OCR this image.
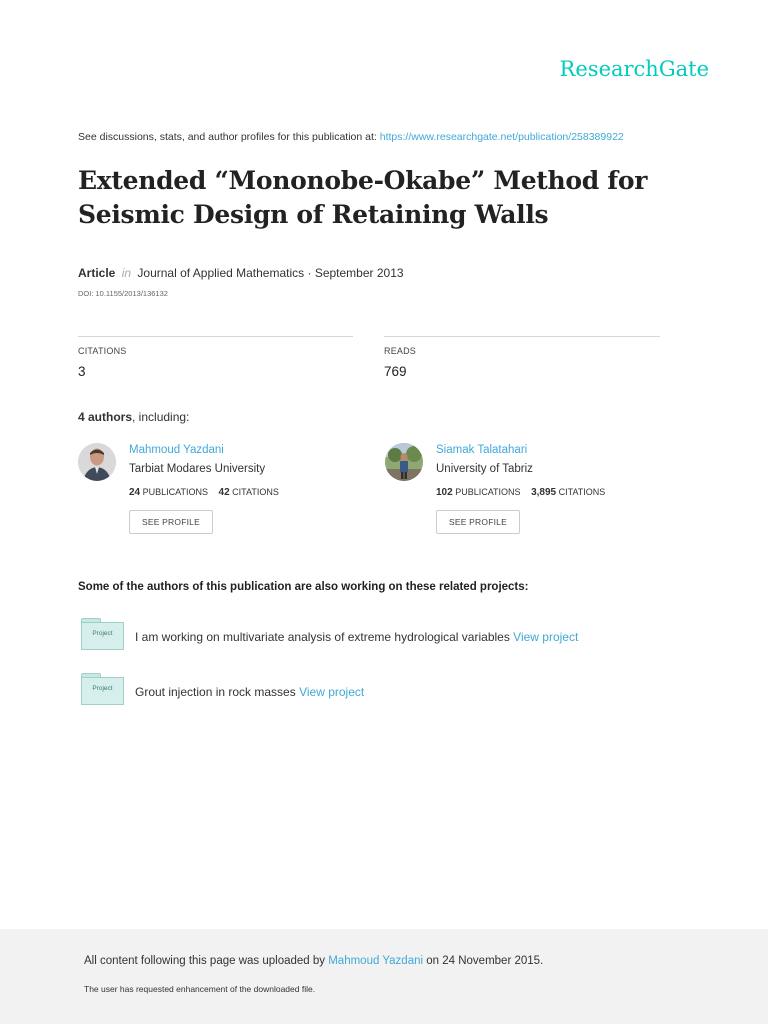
ResearchGate
See discussions, stats, and author profiles for this publication at: https://www.researchgate.net/publication/258389922
Extended “Mononobe-Okabe” Method for
Seismic Design of Retaining Walls
Article in Journal of Applied Mathematics · September 2013
DOI: 10.1155/2013/136132
CITATIONS
3
READS
769
4 authors, including:
Mahmoud Yazdani
Tarbiat Modares University
24 PUBLICATIONS 42 CITATIONS
SEE PROFILE
Siamak Talatahari
University of Tabriz
102 PUBLICATIONS 3,895 CITATIONS
SEE PROFILE
Some of the authors of this publication are also working on these related projects:
Project	I am working on multivariate analysis of extreme hydrological variables View project
Project	Grout injection in rock masses View project
All content following this page was uploaded by Mahmoud Yazdani on 24 November 2015.
The user has requested enhancement of the downloaded file.
